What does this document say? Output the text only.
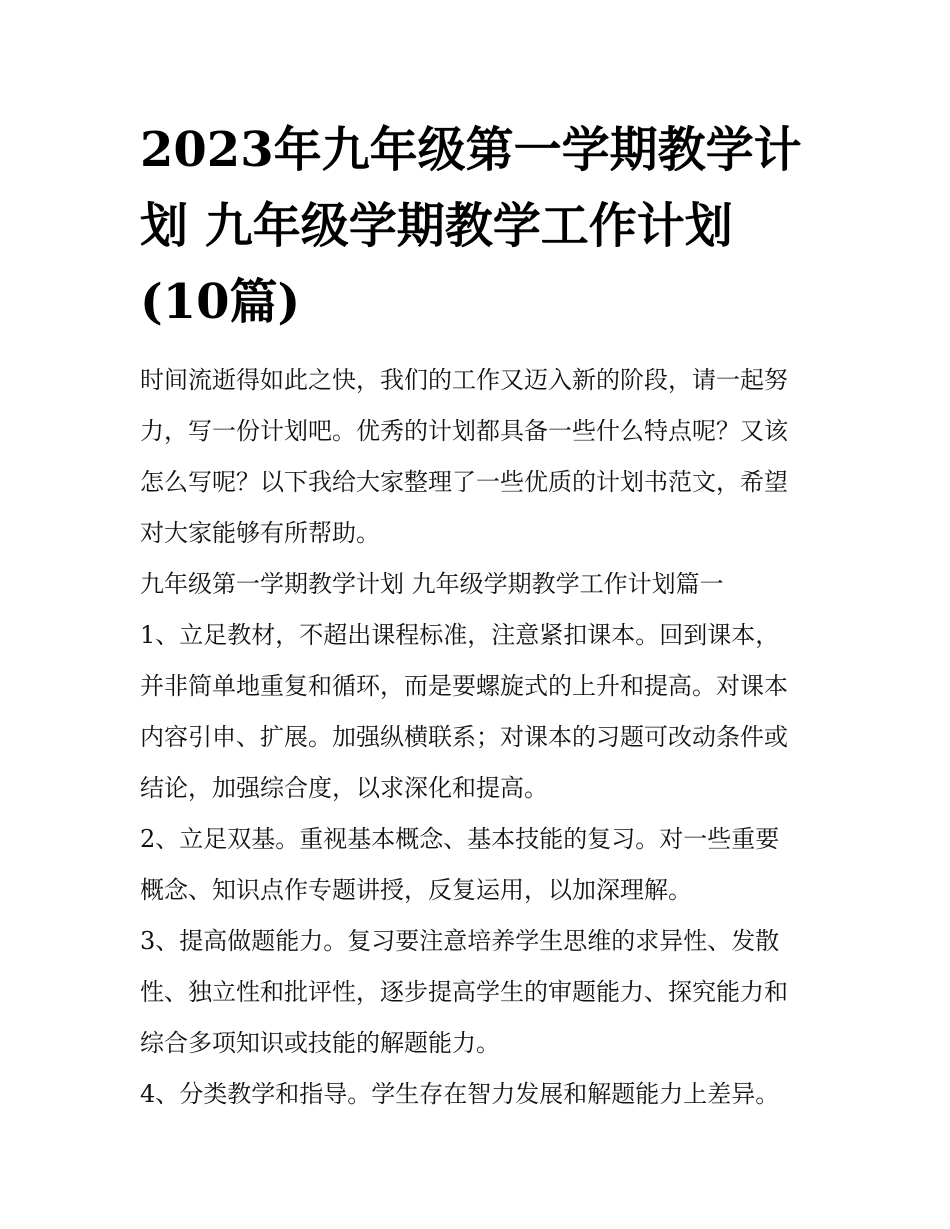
2023年九年级第一学期教学计
划 九年级学期教学工作计划
(10篇)
时间流逝得如此之快，我们的工作又迈入新的阶段，请一起努
力，写一份计划吧。优秀的计划都具备一些什么特点呢？又该
怎么写呢？以下我给大家整理了一些优质的计划书范文，希望
对大家能够有所帮助。
九年级第一学期教学计划 九年级学期教学工作计划篇一
1、立足教材，不超出课程标准，注意紧扣课本。回到课本，
并非简单地重复和循环，而是要螺旋式的上升和提高。对课本
内容引申、扩展。加强纵横联系；对课本的习题可改动条件或
结论，加强综合度，以求深化和提高。
2、立足双基。重视基本概念、基本技能的复习。对一些重要
概念、知识点作专题讲授，反复运用，以加深理解。
3、提高做题能力。复习要注意培养学生思维的求异性、发散
性、独立性和批评性，逐步提高学生的审题能力、探究能力和
综合多项知识或技能的解题能力。
4、分类教学和指导。学生存在智力发展和解题能力上差异。
